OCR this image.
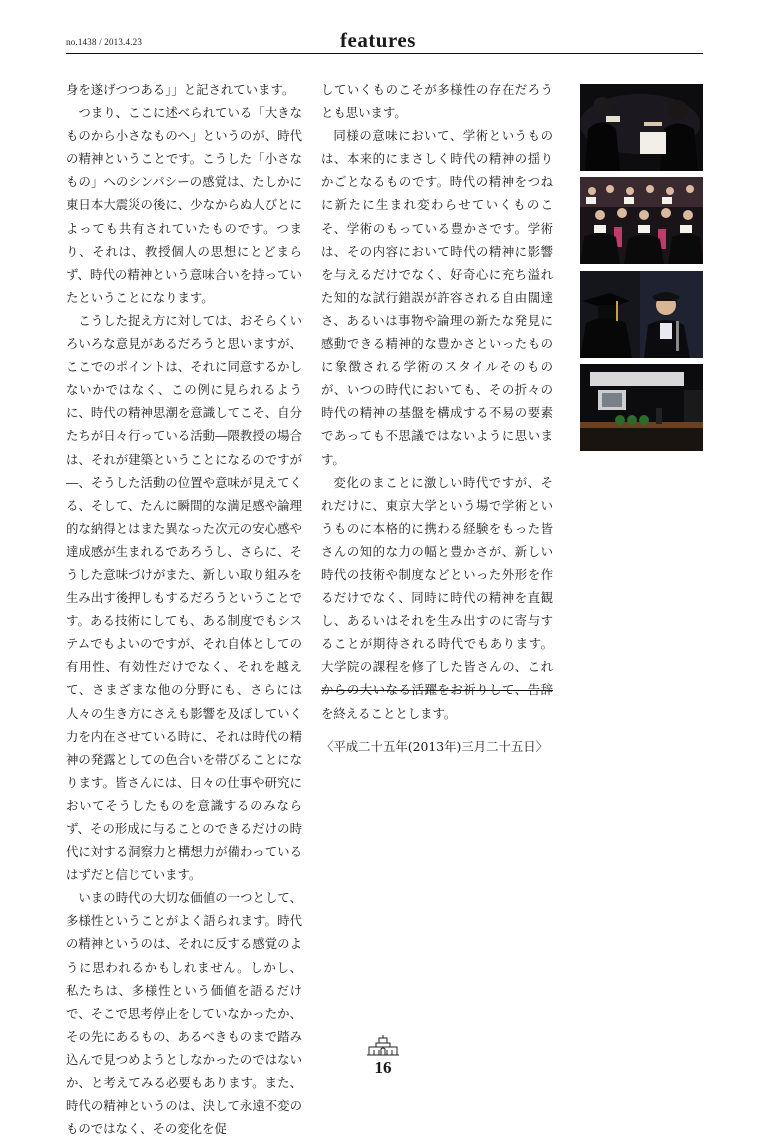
no.1438 / 2013.4.23	features

身を遂げつつある」」と記されています。

つまり、ここに述べられている「大きなものから小さなものへ」というのが、時代の精神ということです。こうした「小さなもの」へのシンパシーの感覚は、たしかに東日本大震災の後に、少なからぬ人びとによっても共有されていたものです。つまり、それは、教授個人の思想にとどまらず、時代の精神という意味合いを持っていたということになります。

こうした捉え方に対しては、おそらくいろいろな意見があるだろうと思いますが、ここでのポイントは、それに同意するかしないかではなく、この例に見られるように、時代の精神思潮を意識してこそ、自分たちが日々行っている活動―隈教授の場合は、それが建築ということになるのですが―、そうした活動の位置や意味が見えてくる、そして、たんに瞬間的な満足感や論理的な納得とはまた異なった次元の安心感や達成感が生まれるであろうし、さらに、そうした意味づけがまた、新しい取り組みを生み出す後押しもするだろうということです。ある技術にしても、ある制度でもシステムでもよいのですが、それ自体としての有用性、有効性だけでなく、それを越えて、さまざまな他の分野にも、さらには人々の生き方にさえも影響を及ぼしていく力を内在させている時に、それは時代の精神の発露としての色合いを帯びることになります。皆さんには、日々の仕事や研究においてそうしたものを意識するのみならず、その形成に与ることのできるだけの時代に対する洞察力と構想力が備わっているはずだと信じています。

いまの時代の大切な価値の一つとして、多様性ということがよく語られます。時代の精神というのは、それに反する感覚のように思われるかもしれません。しかし、私たちは、多様性という価値を語るだけで、そこで思考停止をしていなかったか、その先にあるもの、あるべきものまで踏み込んで見つめようとしなかったのではないか、と考えてみる必要もあります。また、時代の精神というのは、決して永遠不変のものではなく、その変化を促

していくものこそが多様性の存在だろうとも思います。

同様の意味において、学術というものは、本来的にまさしく時代の精神の揺りかごとなるものです。時代の精神をつねに新たに生まれ変わらせていくものこそ、学術のもっている豊かさです。学術は、その内容において時代の精神に影響を与えるだけでなく、好奇心に充ち溢れた知的な試行錯誤が許容される自由闊達さ、あるいは事物や論理の新たな発見に感動できる精神的な豊かさといったものに象徴される学術のスタイルそのものが、いつの時代においても、その折々の時代の精神の基盤を構成する不易の要素であっても不思議ではないように思います。

変化のまことに激しい時代ですが、それだけに、東京大学という場で学術というものに本格的に携わる経験をもった皆さんの知的な力の幅と豊かさが、新しい時代の技術や制度などといった外形を作るだけでなく、同時に時代の精神を直観し、あるいはそれを生み出すのに寄与することが期待される時代でもあります。大学院の課程を修了した皆さんの、これからの大いなる活躍をお祈りして、告辞を終えることとします。

〈平成二十五年(2013年)三月二十五日〉

16
